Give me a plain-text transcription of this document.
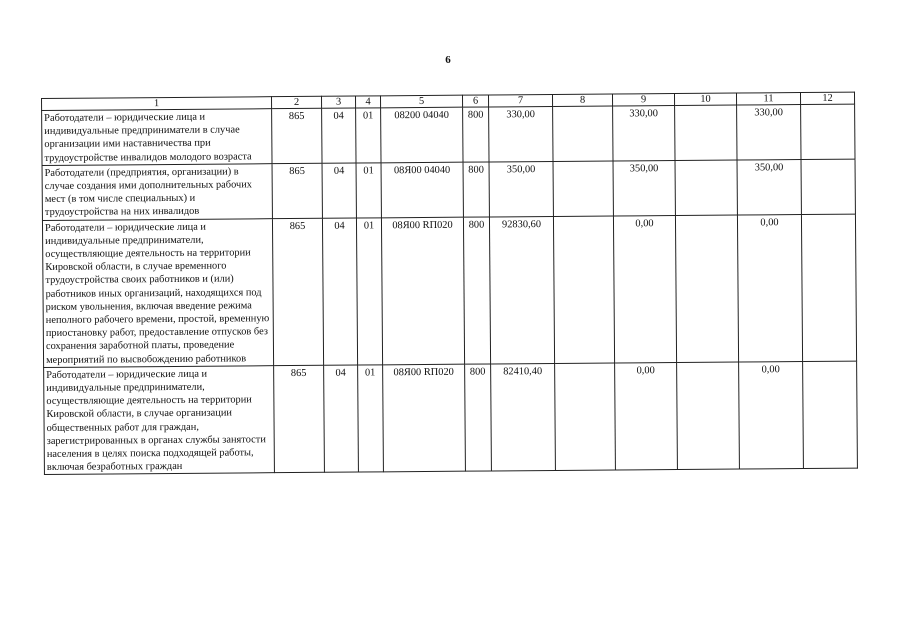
6
1	2	3	4	5	6	7	8	9	10	11	12
Работодатели – юридические лица и индивидуальные предприниматели в случае организации ими наставничества при трудоустройстве инвалидов молодого возраста	865	04	01	08200 04040	800	330,00		330,00		330,00	
Работодатели (предприятия, организации) в случае создания ими дополнительных рабочих мест (в том числе специальных) и трудоустройства на них инвалидов	865	04	01	08Я00 04040	800	350,00		350,00		350,00	
Работодатели – юридические лица и индивидуальные предприниматели, осуществляющие деятельность на территории Кировской области, в случае временного трудоустройства своих работников и (или) работников иных организаций, находящихся под риском увольнения, включая введение режима неполного рабочего времени, простой, временную приостановку работ, предоставление отпусков без сохранения заработной платы, проведение мероприятий по высвобождению работников	865	04	01	08Я00 RП020	800	92830,60		0,00		0,00	
Работодатели – юридические лица и индивидуальные предприниматели, осуществляющие деятельность на территории Кировской области, в случае организации общественных работ для граждан, зарегистрированных в органах службы занятости населения в целях поиска подходящей работы, включая безработных граждан	865	04	01	08Я00 RП020	800	82410,40		0,00		0,00	
